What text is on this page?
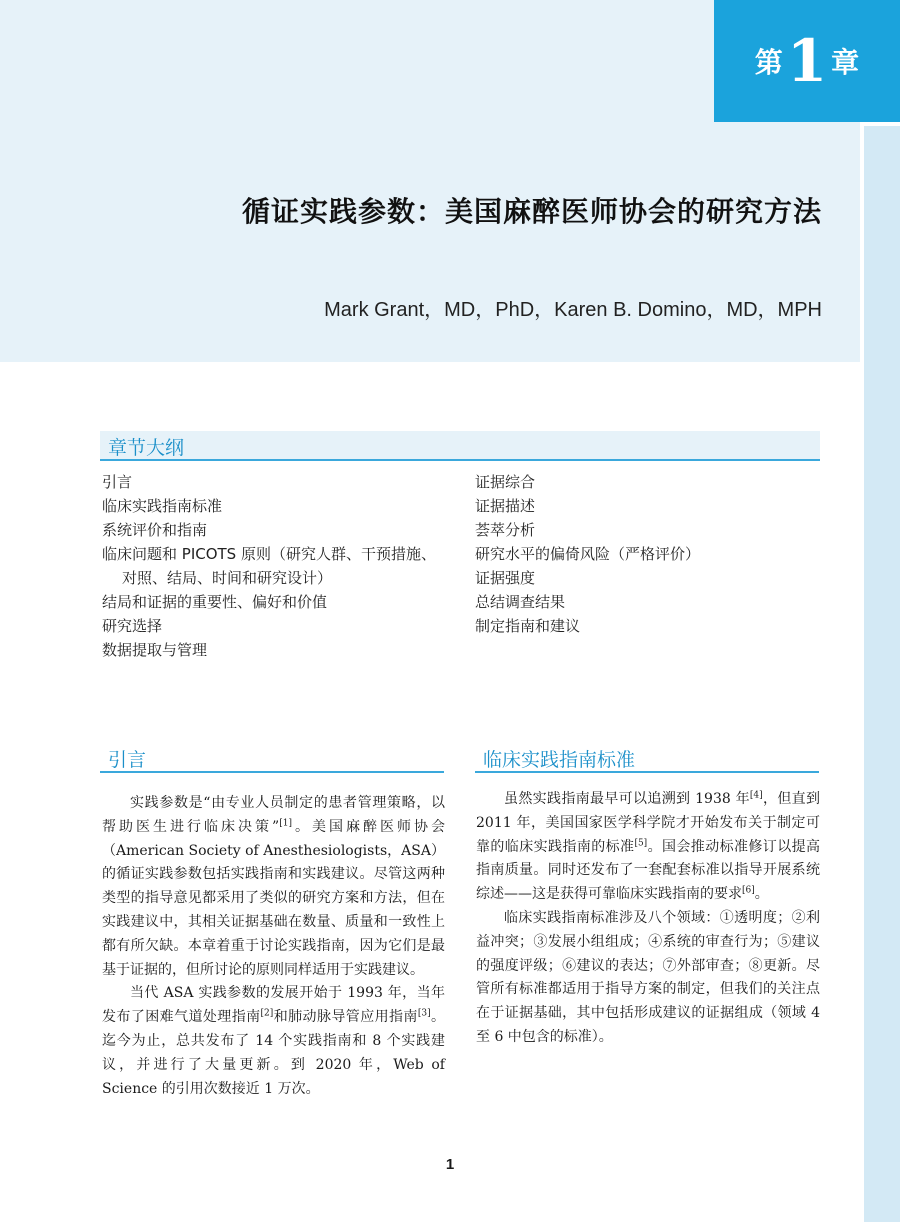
第 1 章
循证实践参数：美国麻醉医师协会的研究方法
Mark Grant，MD，PhD，Karen B. Domino，MD，MPH
章节大纲
引言
临床实践指南标准
系统评价和指南
临床问题和 PICOTS 原则（研究人群、干预措施、
对照、结局、时间和研究设计）
结局和证据的重要性、偏好和价值
研究选择
数据提取与管理
证据综合
证据描述
荟萃分析
研究水平的偏倚风险（严格评价）
证据强度
总结调查结果
制定指南和建议
引言	临床实践指南标准

实践参数是“由专业人员制定的患者管理策略，以帮助医生进行临床决策”[1]。美国麻醉医师协会（American Society of Anesthesiologists，ASA）的循证实践参数包括实践指南和实践建议。尽管这两种类型的指导意见都采用了类似的研究方案和方法，但在实践建议中，其相关证据基础在数量、质量和一致性上都有所欠缺。本章着重于讨论实践指南，因为它们是最基于证据的，但所讨论的原则同样适用于实践建议。

当代 ASA 实践参数的发展开始于 1993 年，当年发布了困难气道处理指南[2]和肺动脉导管应用指南[3]。迄今为止，总共发布了 14 个实践指南和 8 个实践建议，并进行了大量更新。到 2020 年，Web of Science 的引用次数接近 1 万次。

虽然实践指南最早可以追溯到 1938 年[4]，但直到 2011 年，美国国家医学科学院才开始发布关于制定可靠的临床实践指南的标准[5]。国会推动标准修订以提高指南质量。同时还发布了一套配套标准以指导开展系统综述——这是获得可靠临床实践指南的要求[6]。

临床实践指南标准涉及八个领域：①透明度；②利益冲突；③发展小组组成；④系统的审查行为；⑤建议的强度评级；⑥建议的表达；⑦外部审查；⑧更新。尽管所有标准都适用于指导方案的制定，但我们的关注点在于证据基础，其中包括形成建议的证据组成（领域 4 至 6 中包含的标准）。

1
